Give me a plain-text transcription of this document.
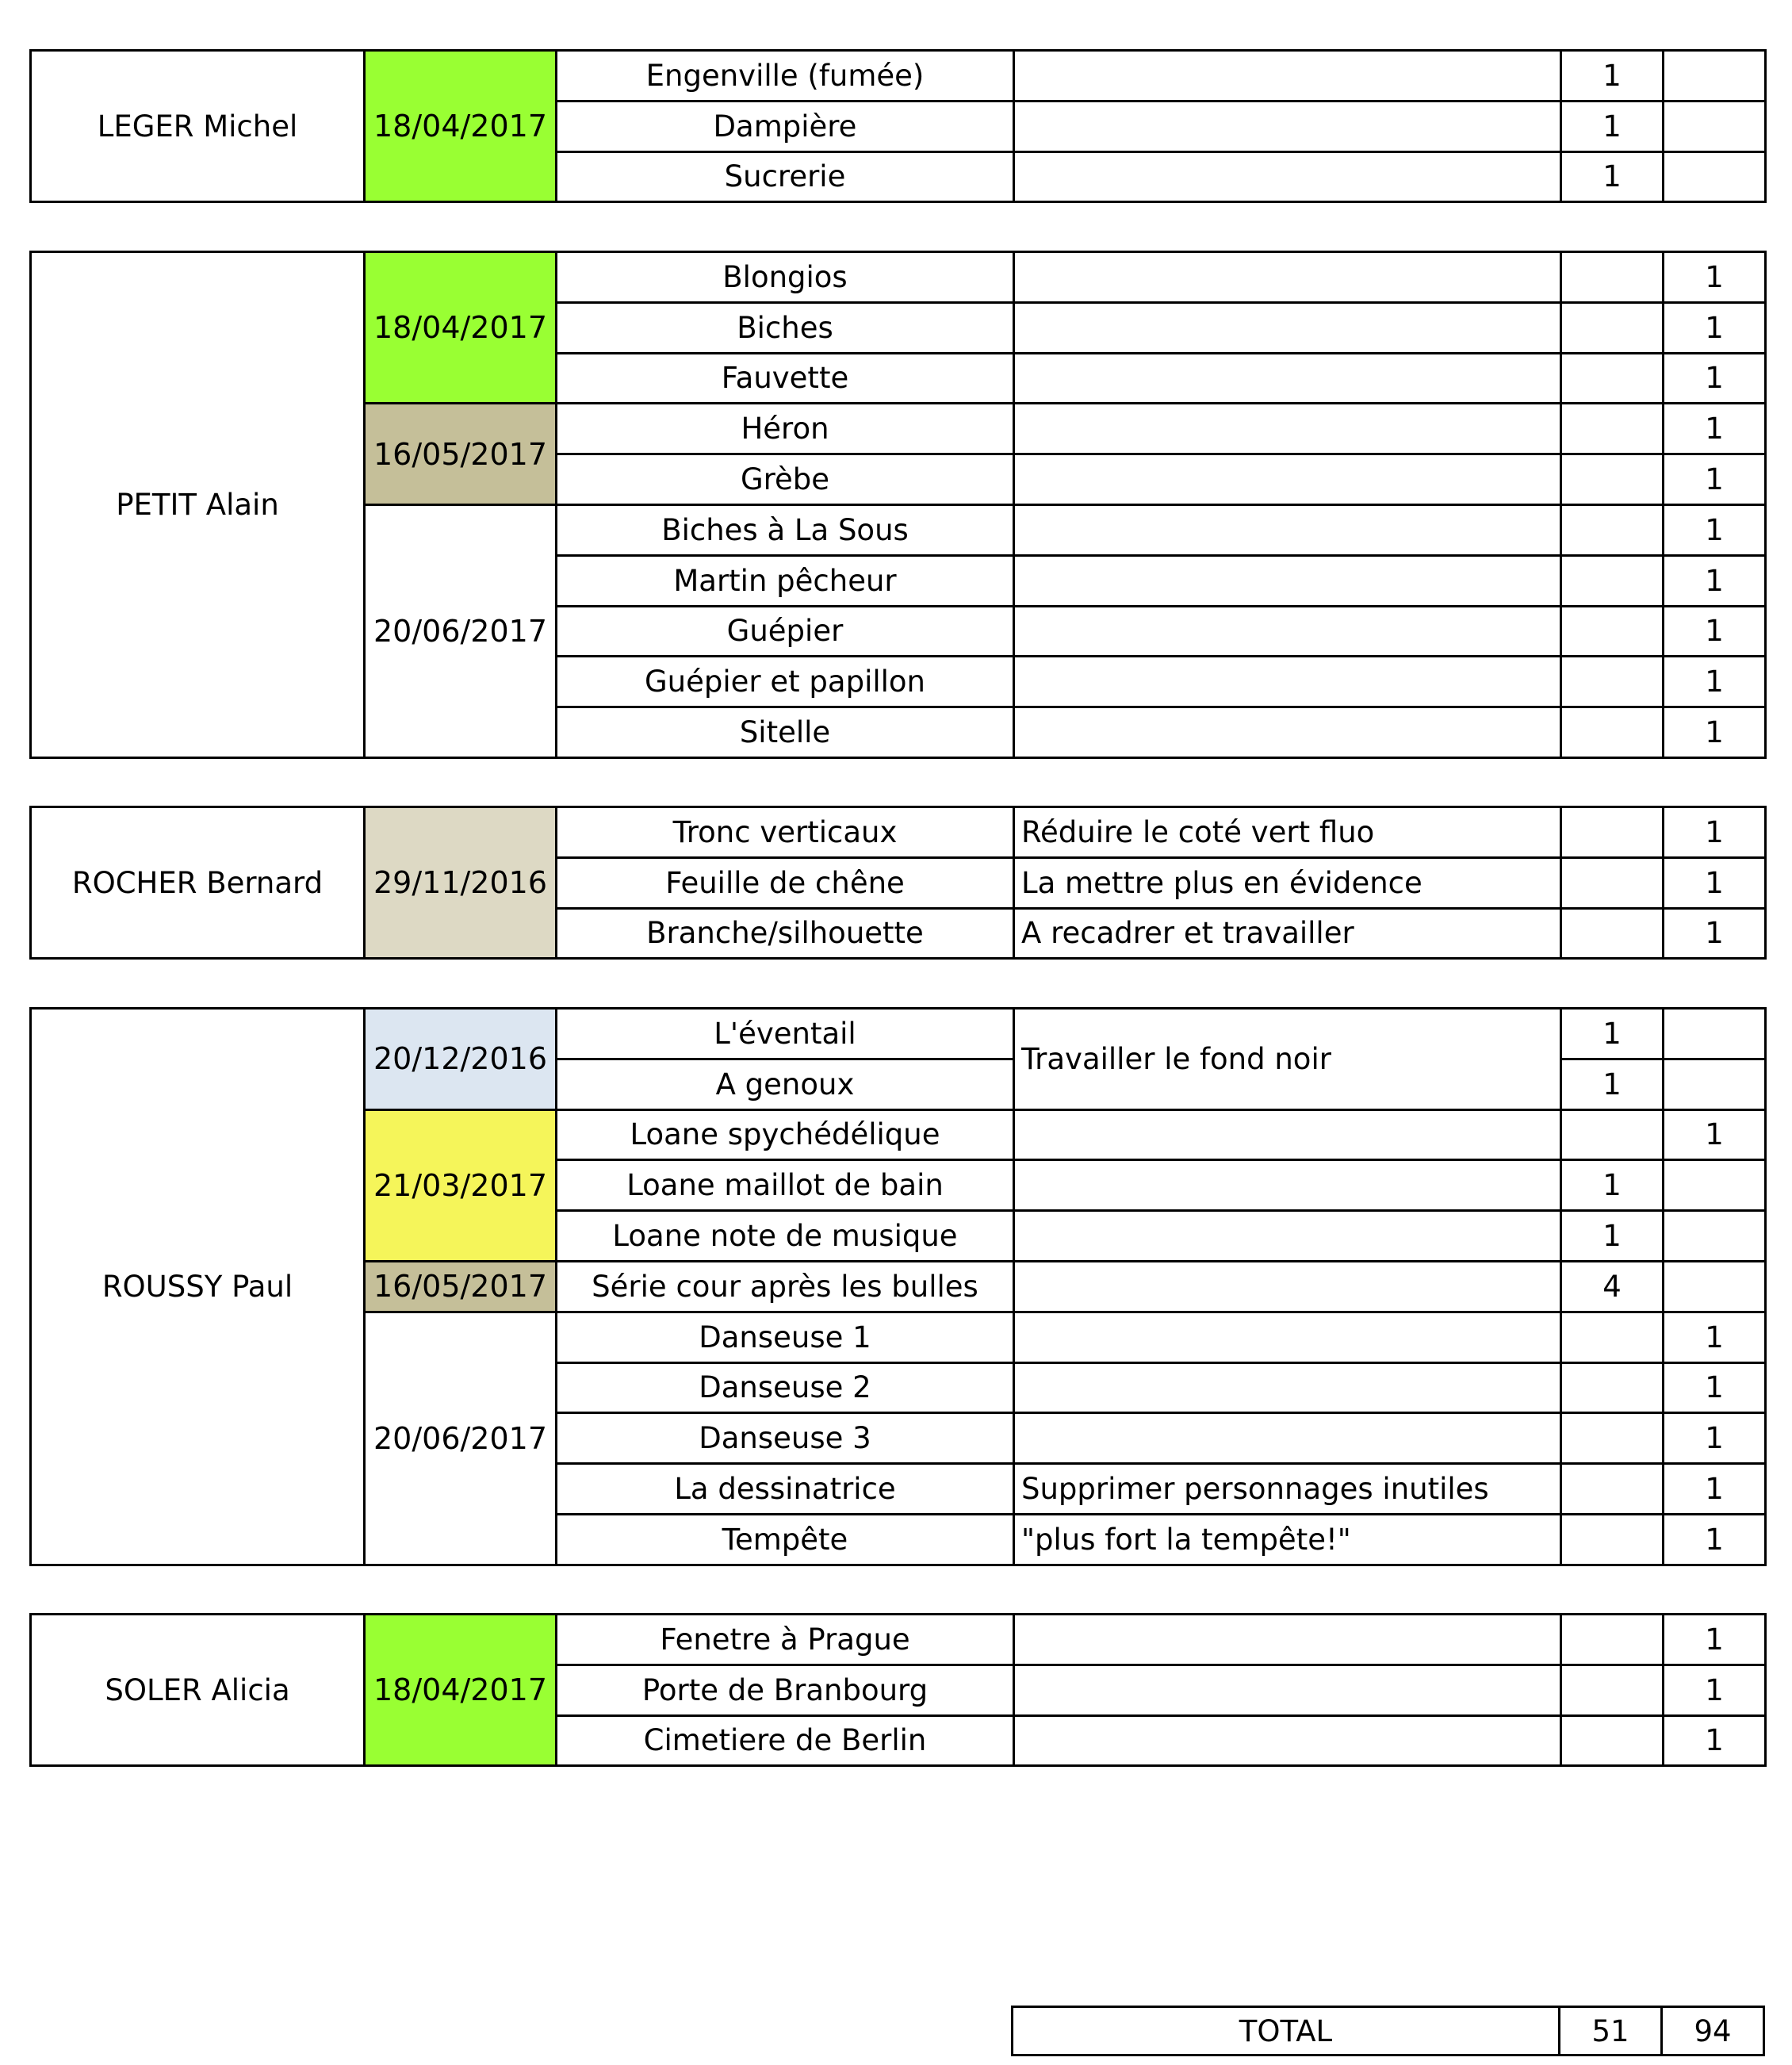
LEGER Michel	18/04/2017	Engenville (fumée)		1	
		Dampière		1	
		Sucrerie		1	
PETIT Alain	18/04/2017	Blongios			1
		Biches			1
		Fauvette			1
	16/05/2017	Héron			1
		Grèbe			1
	20/06/2017	Biches à La Sous			1
		Martin pêcheur			1
		Guépier			1
		Guépier et papillon			1
		Sitelle			1
ROCHER Bernard	29/11/2016	Tronc verticaux	Réduire le coté vert fluo		1
		Feuille de chêne	La mettre plus en évidence		1
		Branche/silhouette	A recadrer et travailler		1
ROUSSY Paul	20/12/2016	L'éventail	Travailler le fond noir	1	
		A genoux		1	
	21/03/2017	Loane spychédélique			1
		Loane maillot de bain		1	
		Loane note de musique		1	
	16/05/2017	Série cour après les bulles		4	
	20/06/2017	Danseuse 1			1
		Danseuse 2			1
		Danseuse 3			1
		La dessinatrice	Supprimer personnages inutiles		1
		Tempête	"plus fort la tempête!"		1
SOLER Alicia	18/04/2017	Fenetre à Prague			1
		Porte de Branbourg			1
		Cimetiere de Berlin			1
TOTAL	51	94
